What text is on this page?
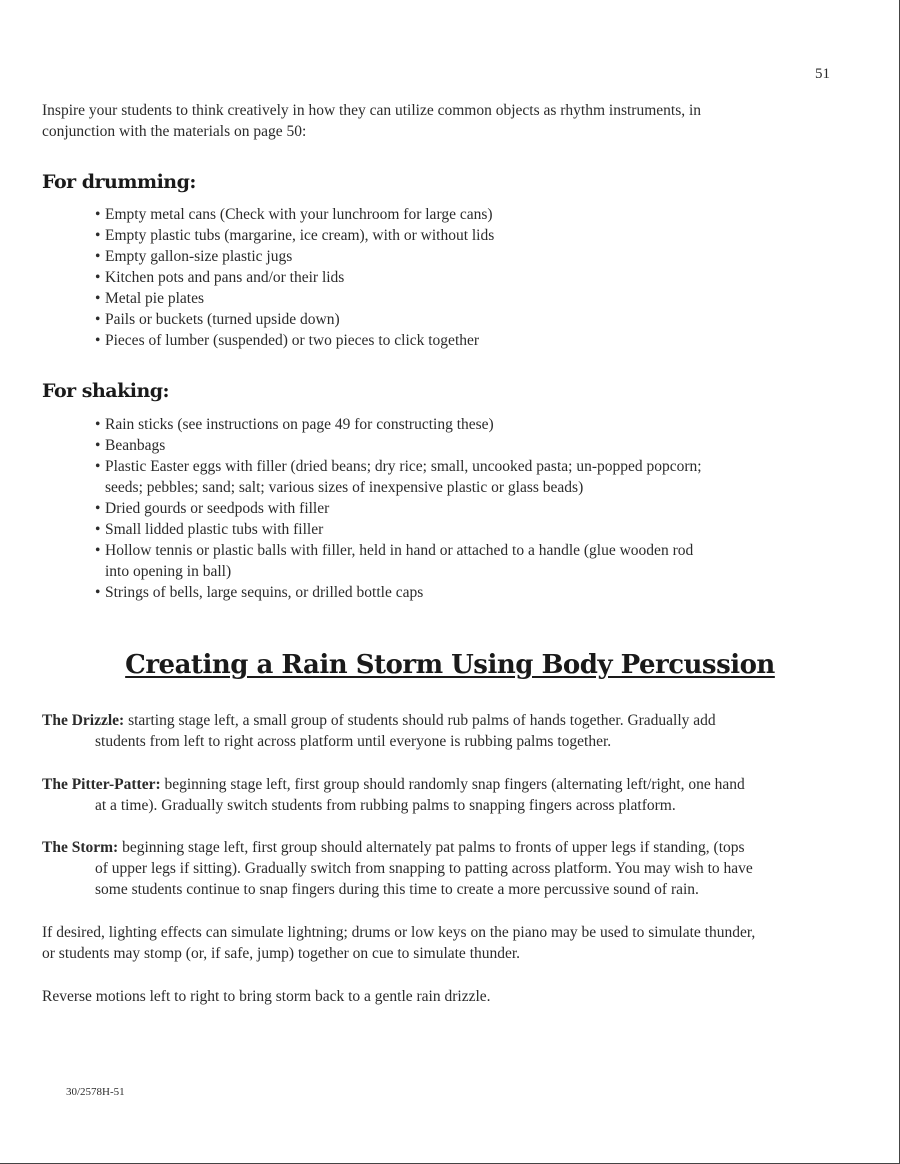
51
Inspire your students to think creatively in how they can utilize common objects as rhythm instruments, in
conjunction with the materials on page 50:
For drumming:
• Empty metal cans (Check with your lunchroom for large cans)
• Empty plastic tubs (margarine, ice cream), with or without lids
• Empty gallon-size plastic jugs
• Kitchen pots and pans and/or their lids
• Metal pie plates
• Pails or buckets (turned upside down)
• Pieces of lumber (suspended) or two pieces to click together
For shaking:
• Rain sticks (see instructions on page 49 for constructing these)
• Beanbags
• Plastic Easter eggs with filler (dried beans; dry rice; small, uncooked pasta; un-popped popcorn;
seeds; pebbles; sand; salt; various sizes of inexpensive plastic or glass beads)
• Dried gourds or seedpods with filler
• Small lidded plastic tubs with filler
• Hollow tennis or plastic balls with filler, held in hand or attached to a handle (glue wooden rod
into opening in ball)
• Strings of bells, large sequins, or drilled bottle caps
Creating a Rain Storm Using Body Percussion
The Drizzle: starting stage left, a small group of students should rub palms of hands together. Gradually add
students from left to right across platform until everyone is rubbing palms together.
The Pitter-Patter: beginning stage left, first group should randomly snap fingers (alternating left/right, one hand
at a time). Gradually switch students from rubbing palms to snapping fingers across platform.
The Storm: beginning stage left, first group should alternately pat palms to fronts of upper legs if standing, (tops
of upper legs if sitting). Gradually switch from snapping to patting across platform. You may wish to have
some students continue to snap fingers during this time to create a more percussive sound of rain.
If desired, lighting effects can simulate lightning; drums or low keys on the piano may be used to simulate thunder,
or students may stomp (or, if safe, jump) together on cue to simulate thunder.
Reverse motions left to right to bring storm back to a gentle rain drizzle.
30/2578H-51
